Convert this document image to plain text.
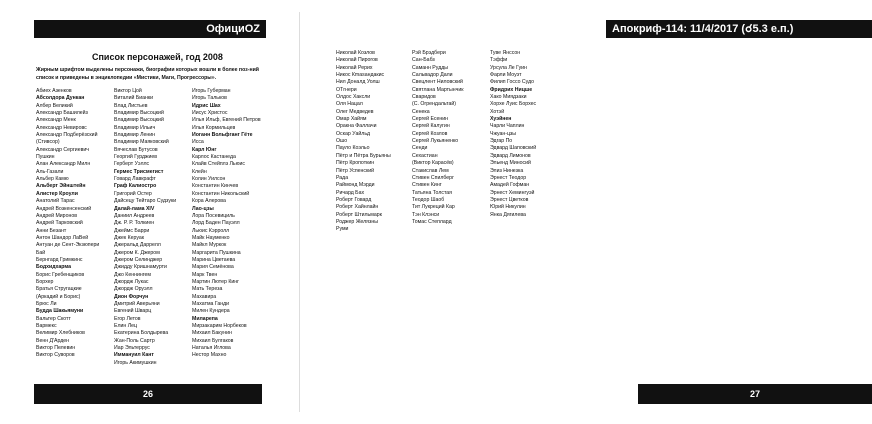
ОфициOZ
Список персонажей, год 2008
Жирным шрифтом выделены персонажи, биографии которых вошли в более поз-ний список и приведены в энциклопедии «Мистики, Маги, Прогрессоры».
Абиех Азенков
Абсолдора Дункан
Албер Великий
Александр Башилейз
Александр Менк
Александр Невировс
Александр Подберёзский
(Стивсор)
Александр Сергиевич
Пушкин
Алан Александр Милн
Аль-Газали
Альбер Камю
Альберт Эйнштейн
Алистер Кроули
Анатолий Тарас
Андрей Возкенсенский
Андрей Миронов
Андрей Тарковский
Анни Безант
Антон Шандор ЛаВей
Антуан де Сент-Экзюпери
Бай
Бернгард Гримкинс
Бодхидхарма
Борис Гребенщиков
Борхер
Братья Стругацкие
(Аркадий и Борис)
Брюс Ли
Будда Шакьямуни
Вальтер Скотт
Вармекс
Велимир Хлебников
Венн Д'Арден
Виктор Пелевин
Виктор Суворов
Виктор Цой
Виталий Бианки
Влад Листьев
Владимир Высоцкий
Владимир Высоцкий
Владимир Ильич
Владимир Ленин
Владимир Маяковский
Вячеслав Бутусов
Георгий Гурджиев
Герберт Уэллс
Гермес Трисмегист
Говард Лавкрафт
Граф Калиостро
Григорий Остер
Дайсецу Тейтаро Судзуки
Далай-лама XIV
Даниил Андреев
Дж. Р. Р. Толкиен
Джеймс Барри
Джек Керуак
Джеральд Даррелл
Джером К. Джером
Джером Селинджер
Джидду Кришнамурти
Джо Кеннингем
Джордж Лукас
Джордж Оруэлл
Дион Форчун
Дмитрий Аверьяни
Евгений Шварц
Егор Летов
Елин Лец
Екатерина Болдырева
Жан-Поль Сартр
Иар Эльтеррус
Иммануил Кант
Игорь Акимушкин
Игорь Губерман
Игорь Тальков
Идрис Шах
Иисус Христос
Илья Ильф, Евгений Петров
Илья Кормильцев
Иоганн Вольфганг Гёте
Исса
Карл Юнг
Карлос Кастанеда
Клайв Стейплз Льюис
Клейн
Колин Уилсон
Константин Кинчев
Константин Никольский
Кора Алерова
Лао-цзы
Лора Посевициль
Лорд Баден Пауэлл
Льюис Кэрролл
Майк Науменко
Майкл Муркок
Маргарита Пушкина
Марина Цветаева
Мария Семёнова
Марк Твен
Мартин Лютер Кинг
Мать Тереза
Махавира
Махатма Ганди
Милен Кундера
Миларепа
Мирзакарим Норбеков
Михаил Бакунин
Михаил Булгаков
Наталья Иглова
Нестор Махно
26
Апокриф-114: 11/4/2017 (☌5.3 е.п.)
Николай Козлов
Николай Пирогов
Николай Рерих
Никос Кmasандакис
Нил Доналд Уолш
ОТгнери
Олдос Хаксли
Оля Нацал
Олег Медведев
Омар Хайям
Оракна Фаллачи
Оскар Уайльд
Ошо
Пауло Коэльо
Пётр и Пётра Бурьяны
Пётр Кропоткин
Пётр Успенский
Рада
Раймонд Мэрди
Ричард Бах
Роберт Говард
Роберт Хайнлайн
Роберт Штильмарк
Роджер Желязны
Руми
Рэй Брэдбери
Сан-Бабз
Саманн Рудды
Сальвадор Дали
Свецлент Ниловский
Святлана Мартынчик
Сваридов
(С. Огрендальтай)
Сенека
Сергей Есенин
Сергей Калугин
Сергей Козлов
Сергей Лукьяненко
Сенди
Сехастиан
(Виктор Карасёв)
Стакислав Лем
Стивен Спилберг
Стивен Кинг
Татьяна Толстая
Теодор Шаоб
Тит Лукреций Кар
Тэн Клэнси
Томас Степлард
Туве Янссон
Тэффи
Урсула Ле Гуин
Фарли Моуэт
Филип Госсо Судо
Фридрих Ницше
Хако Миядзаки
Хорхе Луис Борхес
Хотэй
Хуэйнен
Чарли Чаплин
Чжуан-цзы
Эдгар По
Эдвард Шаповский
Эдвард Лимонов
Эльенд Миносий
Элиз Нинезка
Эрнест Теодор
Амадей Гофман
Эрнест Хемингуэй
Эрнест Цветков
Юрий Никулин
Янка Дягилева
27
